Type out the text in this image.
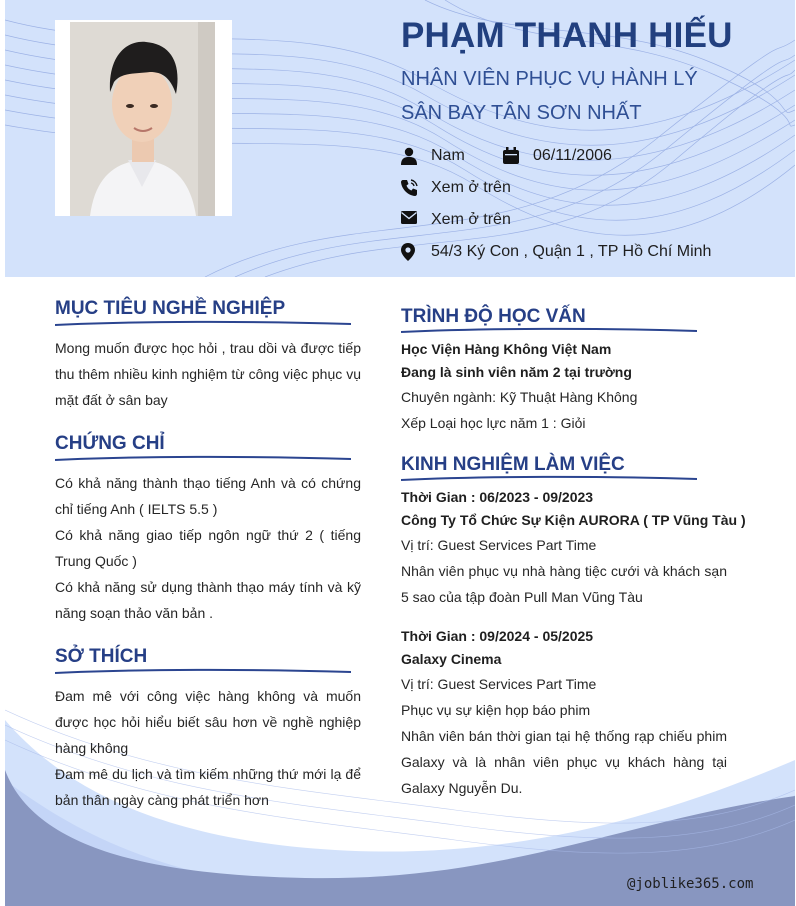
PHẠM THANH HIẾU
NHÂN VIÊN PHỤC VỤ HÀNH LÝ SÂN BAY TÂN SƠN NHẤT
Nam	06/11/2006
Xem ở trên
Xem ở trên
54/3 Ký Con , Quận 1 , TP Hồ Chí Minh
MỤC TIÊU NGHỀ NGHIỆP
Mong muốn được học hỏi , trau dồi và được tiếp thu thêm nhiều kinh nghiệm từ công việc phục vụ mặt đất ở sân bay
CHỨNG CHỈ
Có khả năng thành thạo tiếng Anh và có chứng chỉ tiếng Anh ( IELTS 5.5 )
Có khả năng giao tiếp ngôn ngữ thứ 2 ( tiếng Trung Quốc )
Có khả năng sử dụng thành thạo máy tính và kỹ năng soạn thảo văn bản .
SỞ THÍCH
Đam mê với công việc hàng không và muốn được học hỏi hiểu biết sâu hơn về nghề nghiệp hàng không
Đam mê du lịch và tìm kiếm những thứ mới lạ để bản thân ngày càng phát triển hơn
TRÌNH ĐỘ HỌC VẤN
Học Viện Hàng Không Việt Nam
Đang là sinh viên năm 2 tại trường
Chuyên ngành: Kỹ Thuật Hàng Không
Xếp Loại học lực năm 1 : Giỏi
KINH NGHIỆM LÀM VIỆC
Thời Gian : 06/2023 - 09/2023
Công Ty Tổ Chức Sự Kiện AURORA ( TP Vũng Tàu )
Vị trí: Guest Services Part Time
Nhân viên phục vụ nhà hàng tiệc cưới và khách sạn 5 sao của tập đoàn Pull Man Vũng Tàu
Thời Gian : 09/2024 - 05/2025
Galaxy Cinema
Vị trí: Guest Services Part Time
Phục vụ sự kiện họp báo phim
Nhân viên bán thời gian tại hệ thống rạp chiếu phim Galaxy và là nhân viên phục vụ khách hàng tại Galaxy Nguyễn Du.
@joblike365.com
